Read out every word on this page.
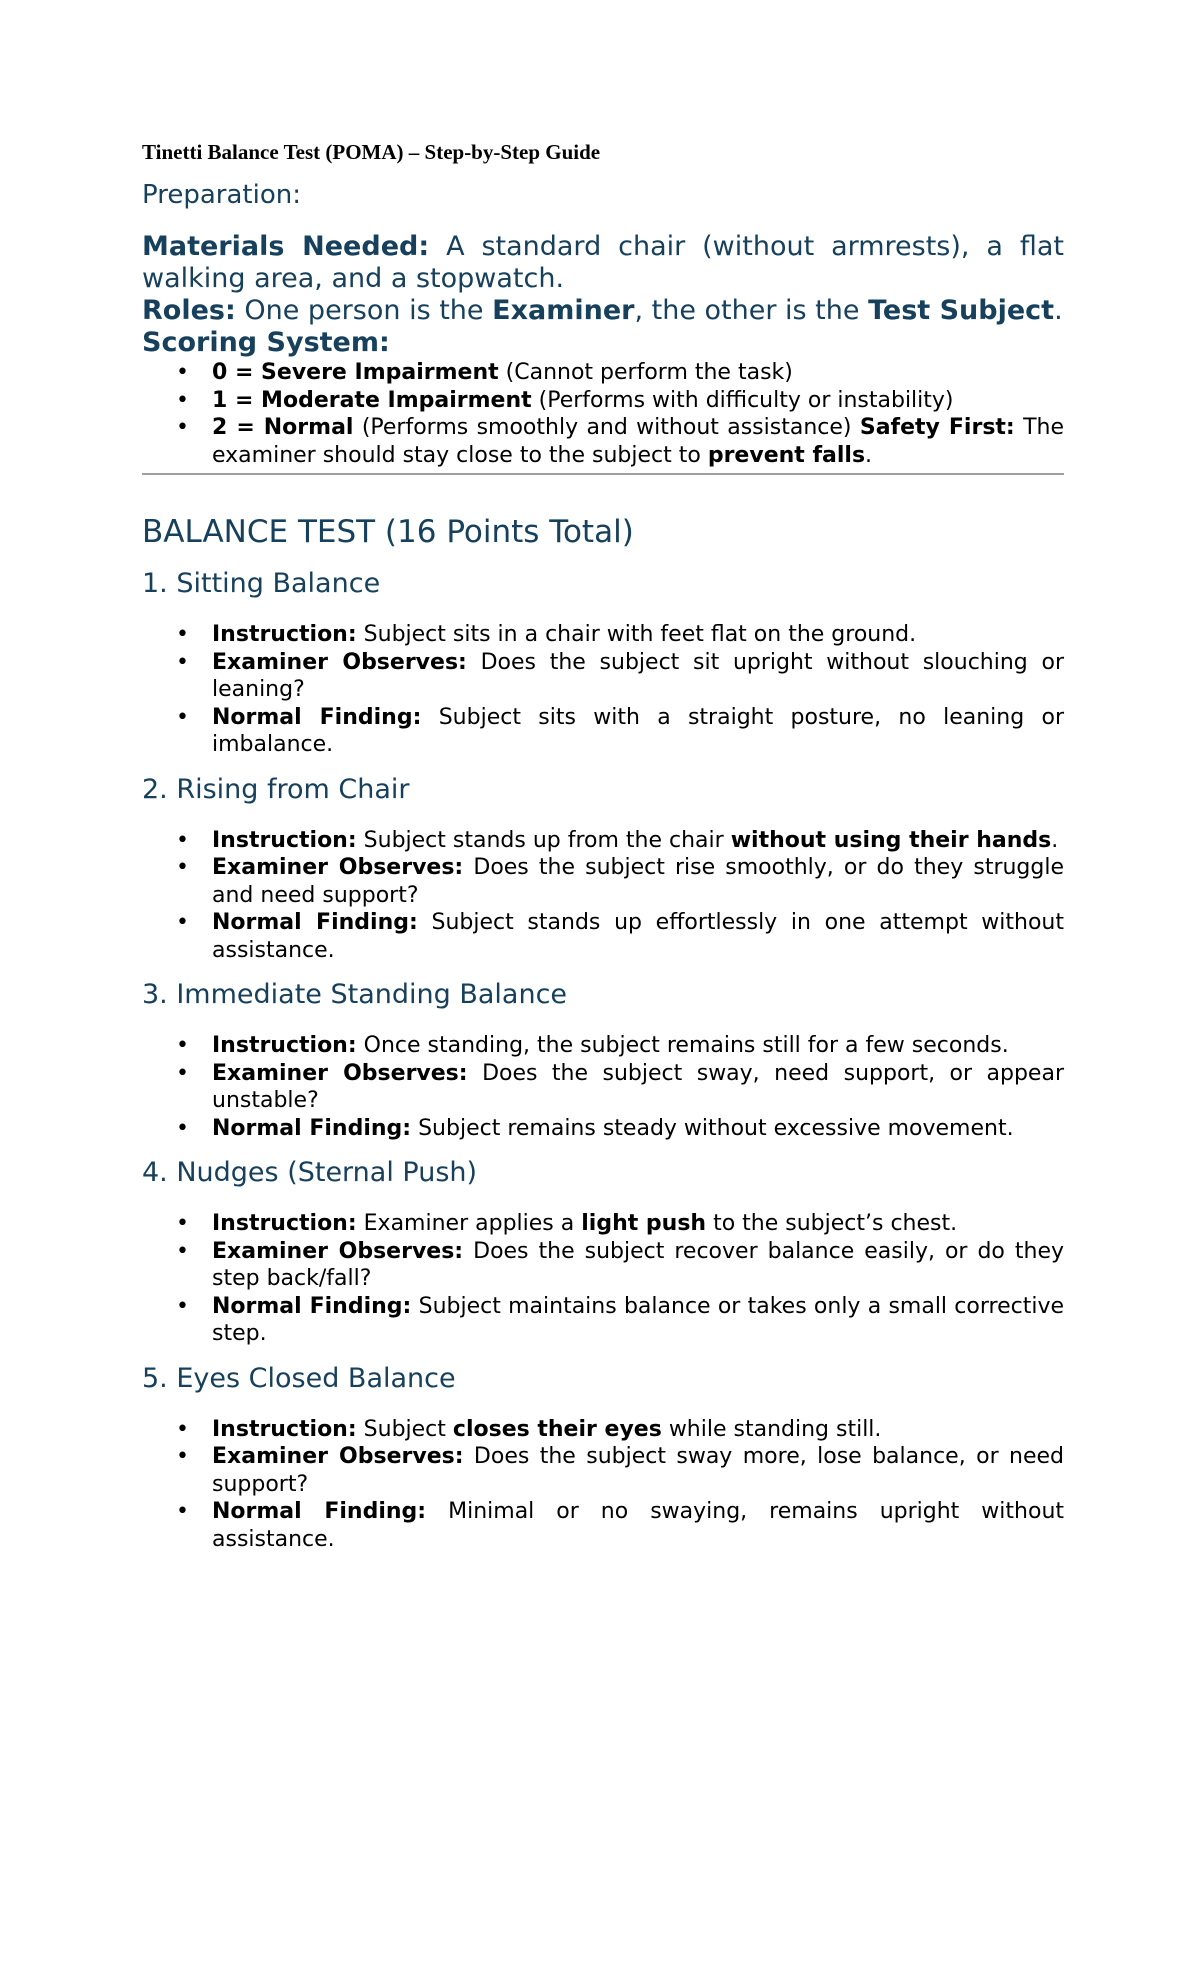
Tinetti Balance Test (POMA) – Step-by-Step Guide
Preparation:
Materials Needed: A standard chair (without armrests), a flat walking area, and a stopwatch.
Roles: One person is the Examiner, the other is the Test Subject.
Scoring System:
• 0 = Severe Impairment (Cannot perform the task)
• 1 = Moderate Impairment (Performs with difficulty or instability)
• 2 = Normal (Performs smoothly and without assistance) Safety First: The examiner should stay close to the subject to prevent falls.
BALANCE TEST (16 Points Total)
1. Sitting Balance
• Instruction: Subject sits in a chair with feet flat on the ground.
• Examiner Observes: Does the subject sit upright without slouching or leaning?
• Normal Finding: Subject sits with a straight posture, no leaning or imbalance.
2. Rising from Chair
• Instruction: Subject stands up from the chair without using their hands.
• Examiner Observes: Does the subject rise smoothly, or do they struggle and need support?
• Normal Finding: Subject stands up effortlessly in one attempt without assistance.
3. Immediate Standing Balance
• Instruction: Once standing, the subject remains still for a few seconds.
• Examiner Observes: Does the subject sway, need support, or appear unstable?
• Normal Finding: Subject remains steady without excessive movement.
4. Nudges (Sternal Push)
• Instruction: Examiner applies a light push to the subject’s chest.
• Examiner Observes: Does the subject recover balance easily, or do they step back/fall?
• Normal Finding: Subject maintains balance or takes only a small corrective step.
5. Eyes Closed Balance
• Instruction: Subject closes their eyes while standing still.
• Examiner Observes: Does the subject sway more, lose balance, or need support?
• Normal Finding: Minimal or no swaying, remains upright without assistance.
